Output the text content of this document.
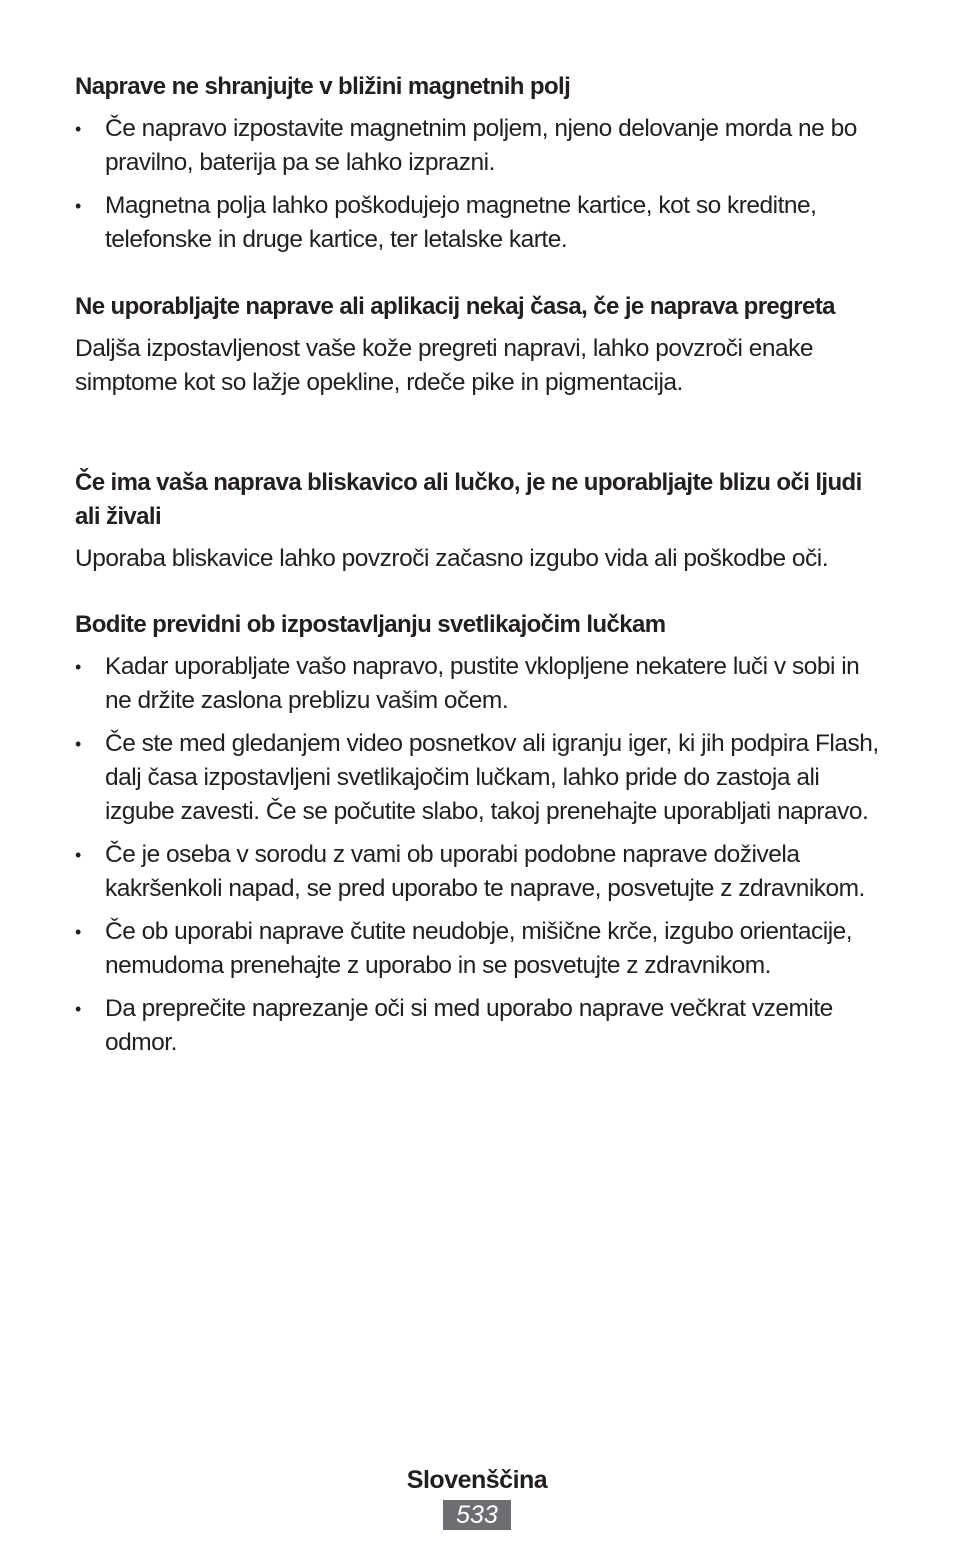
Naprave ne shranjujte v bližini magnetnih polj
• Če napravo izpostavite magnetnim poljem, njeno delovanje morda ne bo pravilno, baterija pa se lahko izprazni.
• Magnetna polja lahko poškodujejo magnetne kartice, kot so kreditne, telefonske in druge kartice, ter letalske karte.
Ne uporabljajte naprave ali aplikacij nekaj časa, če je naprava pregreta

Daljša izpostavljenost vaše kože pregreti napravi, lahko povzroči enake simptome kot so lažje opekline, rdeče pike in pigmentacija.

Če ima vaša naprava bliskavico ali lučko, je ne uporabljajte blizu oči ljudi ali živali

Uporaba bliskavice lahko povzroči začasno izgubo vida ali poškodbe oči.

Bodite previdni ob izpostavljanju svetlikajočim lučkam
• Kadar uporabljate vašo napravo, pustite vklopljene nekatere luči v sobi in ne držite zaslona preblizu vašim očem.
• Če ste med gledanjem video posnetkov ali igranju iger, ki jih podpira Flash, dalj časa izpostavljeni svetlikajočim lučkam, lahko pride do zastoja ali izgube zavesti. Če se počutite slabo, takoj prenehajte uporabljati napravo.
• Če je oseba v sorodu z vami ob uporabi podobne naprave doživela kakršenkoli napad, se pred uporabo te naprave, posvetujte z zdravnikom.
• Če ob uporabi naprave čutite neudobje, mišične krče, izgubo orientacije, nemudoma prenehajte z uporabo in se posvetujte z zdravnikom.
• Da preprečite naprezanje oči si med uporabo naprave večkrat vzemite odmor.
Slovenščina
533
